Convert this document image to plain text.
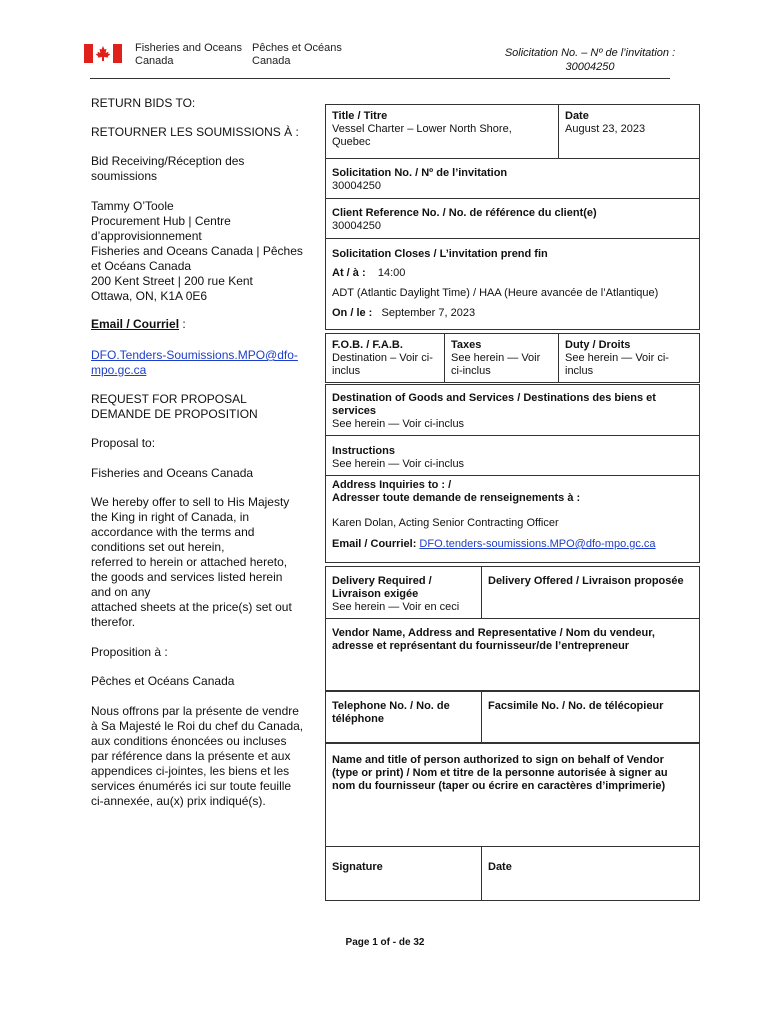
Fisheries and Oceans
Canada
Pêches et Océans
Canada
Solicitation No. – Nº de l’invitation :
30004250
RETURN BIDS TO:
RETOURNER LES SOUMISSIONS À :
Bid Receiving/Réception des
soumissions
Tammy O’Toole
Procurement Hub | Centre
d’approvisionnement
Fisheries and Oceans Canada | Pêches
et Océans Canada
200 Kent Street | 200 rue Kent
Ottawa, ON, K1A 0E6
Email / Courriel :
DFO.Tenders-Soumissions.MPO@dfo-
mpo.gc.ca
REQUEST FOR PROPOSAL
DEMANDE DE PROPOSITION
Proposal to:
Fisheries and Oceans Canada
We hereby offer to sell to His Majesty
the King in right of Canada, in
accordance with the terms and
conditions set out herein,
referred to herein or attached hereto,
the goods and services listed herein
and on any
attached sheets at the price(s) set out
therefor.
Proposition à :
Pêches et Océans Canada
Nous offrons par la présente de vendre
à Sa Majesté le Roi du chef du Canada,
aux conditions énoncées ou incluses
par référence dans la présente et aux
appendices ci-jointes, les biens et les
services énumérés ici sur toute feuille
ci-annexée, au(x) prix indiqué(s).
Title / Titre
Vessel Charter – Lower North Shore,
Quebec
Date
August 23, 2023
Solicitation No. / Nº de l’invitation
30004250
Client Reference No. / No. de référence du client(e)
30004250
Solicitation Closes / L’invitation prend fin
At / à : 14:00
ADT (Atlantic Daylight Time) / HAA (Heure avancée de l’Atlantique)
On / le : September 7, 2023
F.O.B. / F.A.B.
Destination – Voir ci-
inclus
Taxes
See herein — Voir
ci-inclus
Duty / Droits
See herein — Voir ci-
inclus
Destination of Goods and Services / Destinations des biens et
services
See herein — Voir ci-inclus
Instructions
See herein — Voir ci-inclus
Address Inquiries to : /
Adresser toute demande de renseignements à :
Karen Dolan, Acting Senior Contracting Officer
Email / Courriel: DFO.tenders-soumissions.MPO@dfo-mpo.gc.ca
Delivery Required /
Livraison exigée
See herein — Voir en ceci
Delivery Offered / Livraison proposée
Vendor Name, Address and Representative / Nom du vendeur,
adresse et représentant du fournisseur/de l’entrepreneur
Telephone No. / No. de
téléphone
Facsimile No. / No. de télécopieur
Name and title of person authorized to sign on behalf of Vendor
(type or print) / Nom et titre de la personne autorisée à signer au
nom du fournisseur (taper ou écrire en caractères d’imprimerie)
Signature	Date
Page 1 of - de 32
